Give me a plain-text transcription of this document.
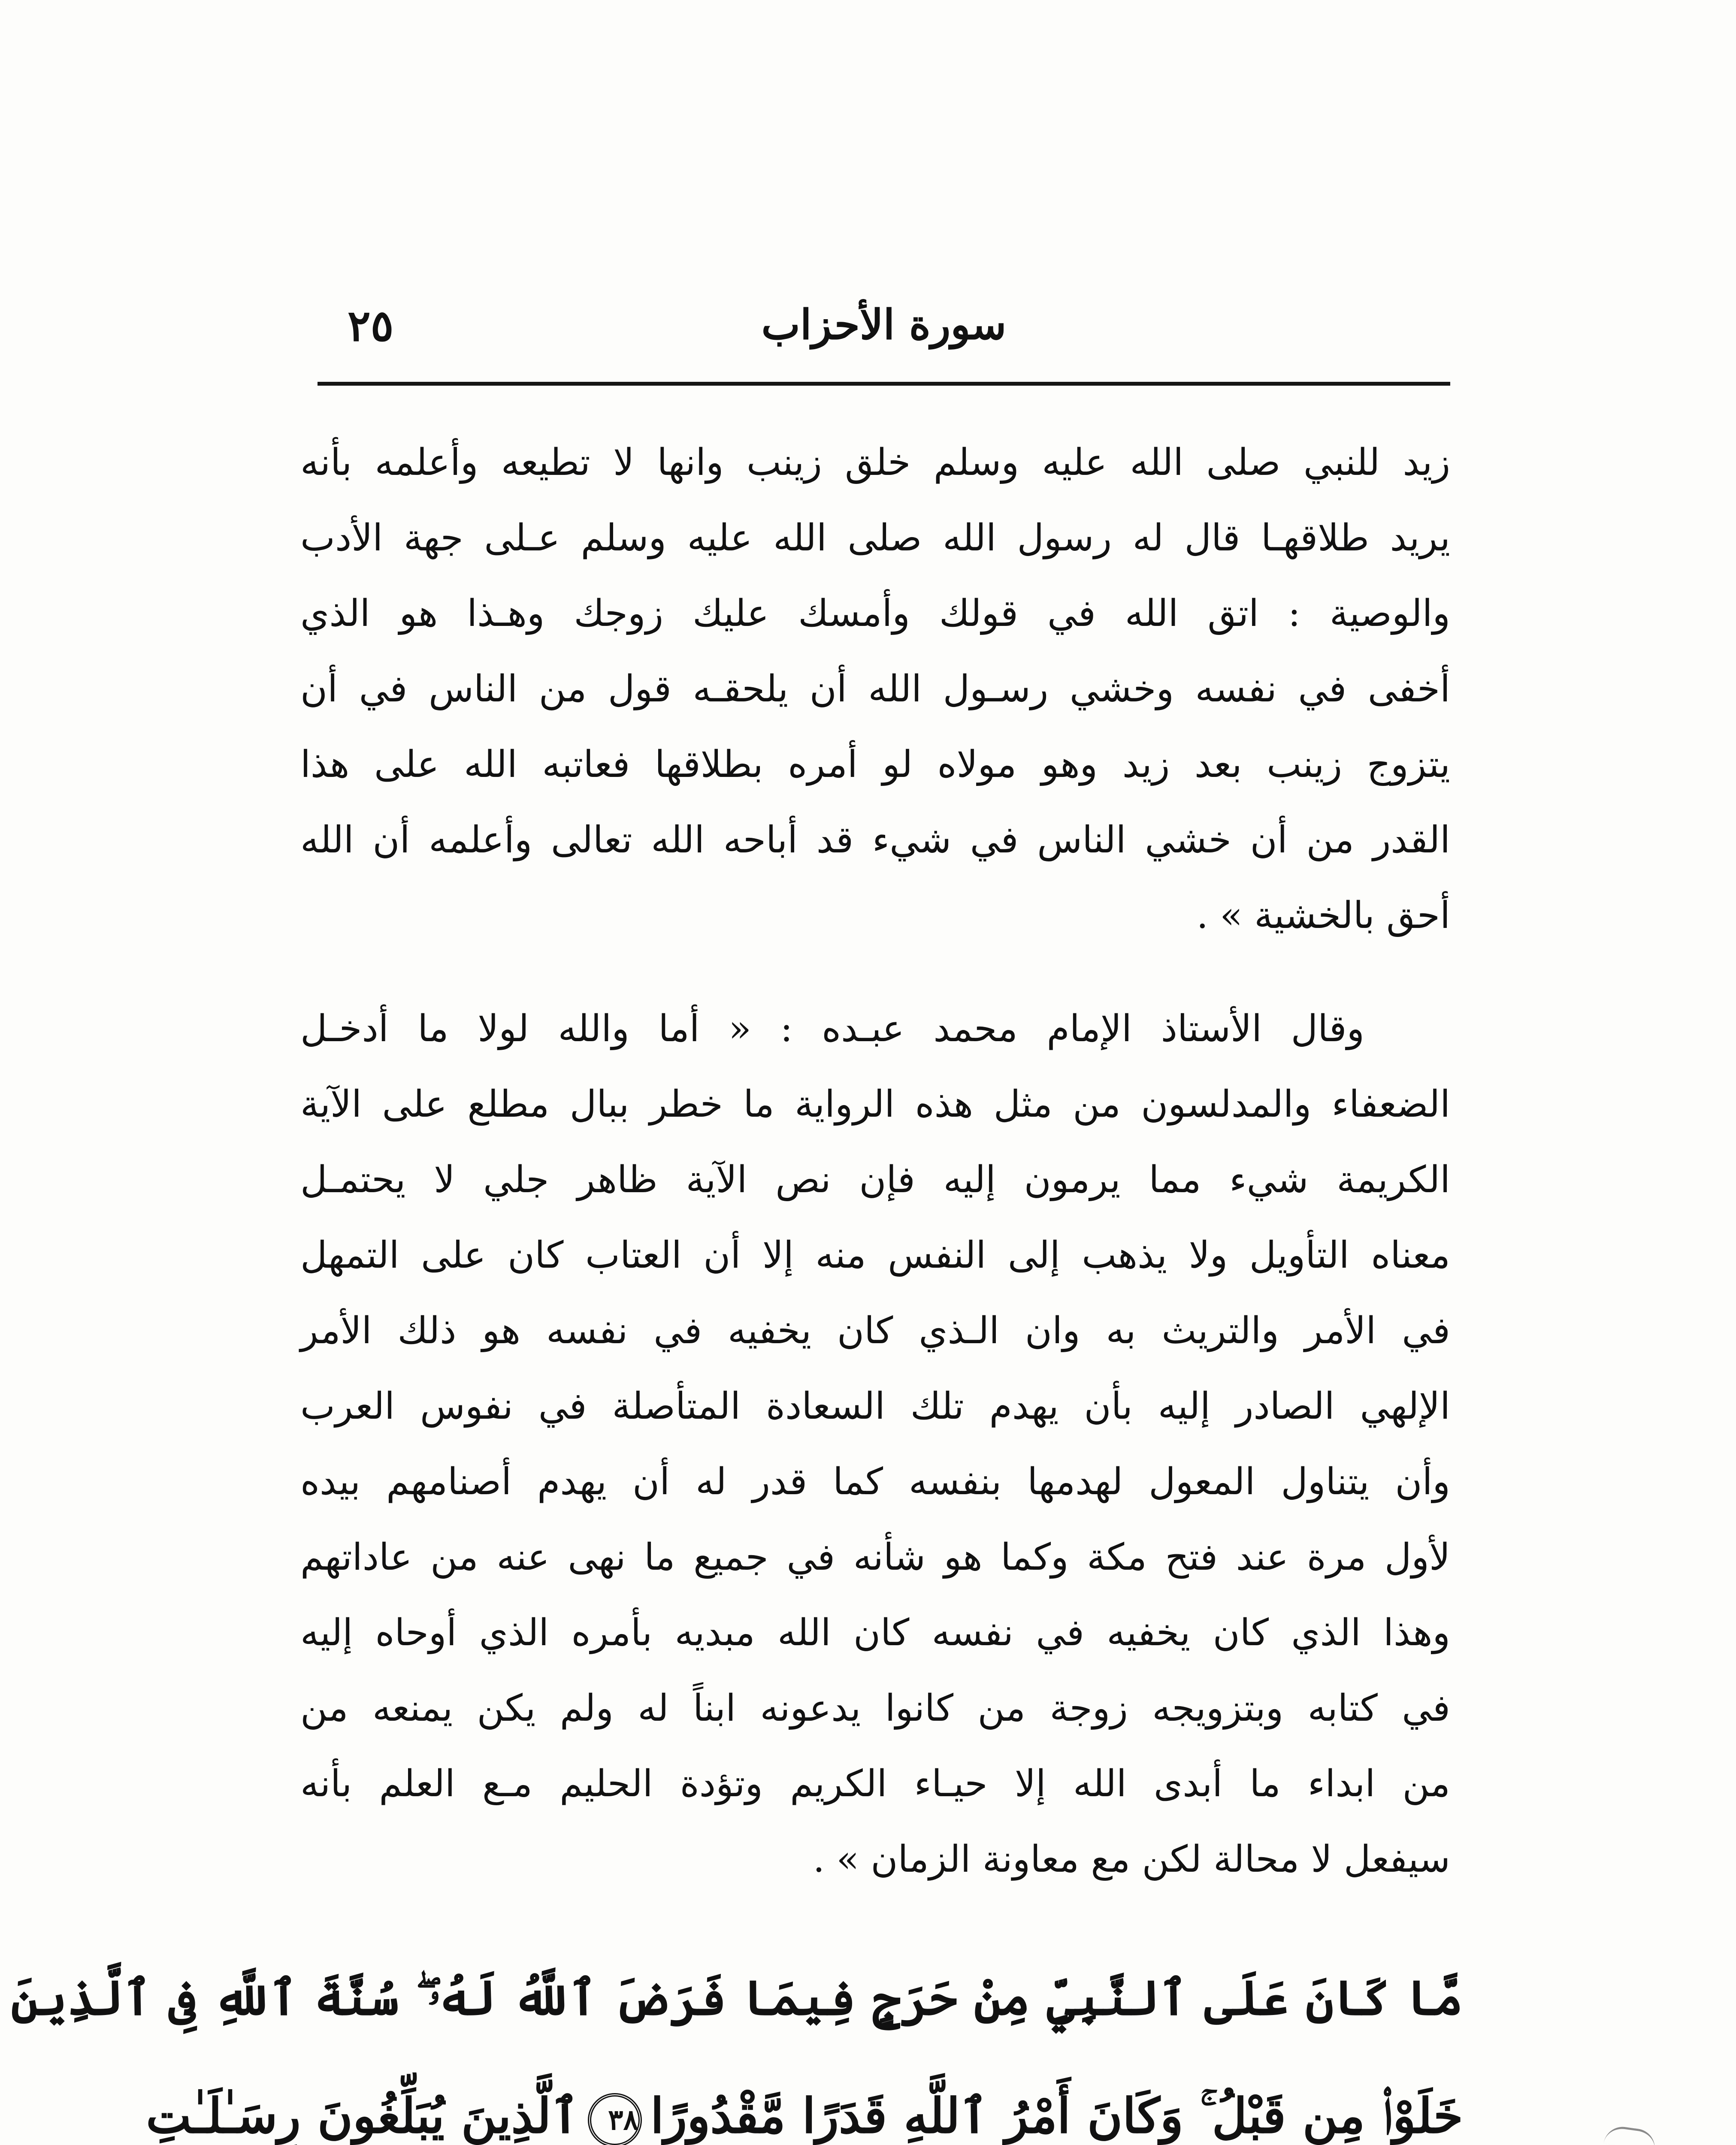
سورة الأحزاب
٢٥
زيد للنبي صلى الله عليه وسلم خلق زينب وانها لا تطيعه وأعلمه بأنه
يريد طلاقهـا قال له رسول الله صلى الله عليه وسلم عـلى جهة الأدب
والوصية : اتق الله في قولك وأمسك عليك زوجك وهـذا هو الذي
أخفى في نفسه وخشي رسـول الله أن يلحقـه قول من الناس في أن
يتزوج زينب بعد زيد وهو مولاه لو أمره بطلاقها فعاتبه الله على هذا
القدر من أن خشي الناس في شيء قد أباحه الله تعالى وأعلمه أن الله
أحق بالخشية » .
وقال الأستاذ الإمام محمد عبـده : « أما والله لولا ما أدخـل
الضعفاء والمدلسون من مثل هذه الرواية ما خطر ببال مطلع على الآية
الكريمة شيء مما يرمون إليه فإن نص الآية ظاهر جلي لا يحتمـل
معناه التأويل ولا يذهب إلى النفس منه إلا أن العتاب كان على التمهل
في الأمر والتريث به وان الـذي كان يخفيه في نفسه هو ذلك الأمر
الإلهي الصادر إليه بأن يهدم تلك السعادة المتأصلة في نفوس العرب
وأن يتناول المعول لهدمها بنفسه كما قدر له أن يهدم أصنامهم بيده
لأول مرة عند فتح مكة وكما هو شأنه في جميع ما نهى عنه من عاداتهم
وهذا الذي كان يخفيه في نفسه كان الله مبديه بأمره الذي أوحاه إليه
في كتابه وبتزويجه زوجة من كانوا يدعونه ابناً له ولم يكن يمنعه من
من ابداء ما أبدى الله إلا حيـاء الكريم وتؤدة الحليم مـع العلم بأنه
سيفعل لا محالة لكن مع معاونة الزمان » .
مَّا كَانَ عَلَى ٱلنَّبِيِّ مِنْ حَرَجٍ فِيمَا فَرَضَ ٱللَّهُ لَهُۥ ۖ سُنَّةَ ٱللَّهِ فِى ٱلَّذِينَ
خَلَوْا۟ مِن قَبْلُ ۚ وَكَانَ أَمْرُ ٱللَّهِ قَدَرًا مَّقْدُورًا٣٨ٱلَّذِينَ يُبَلِّغُونَ رِسَـٰلَـٰتِ
